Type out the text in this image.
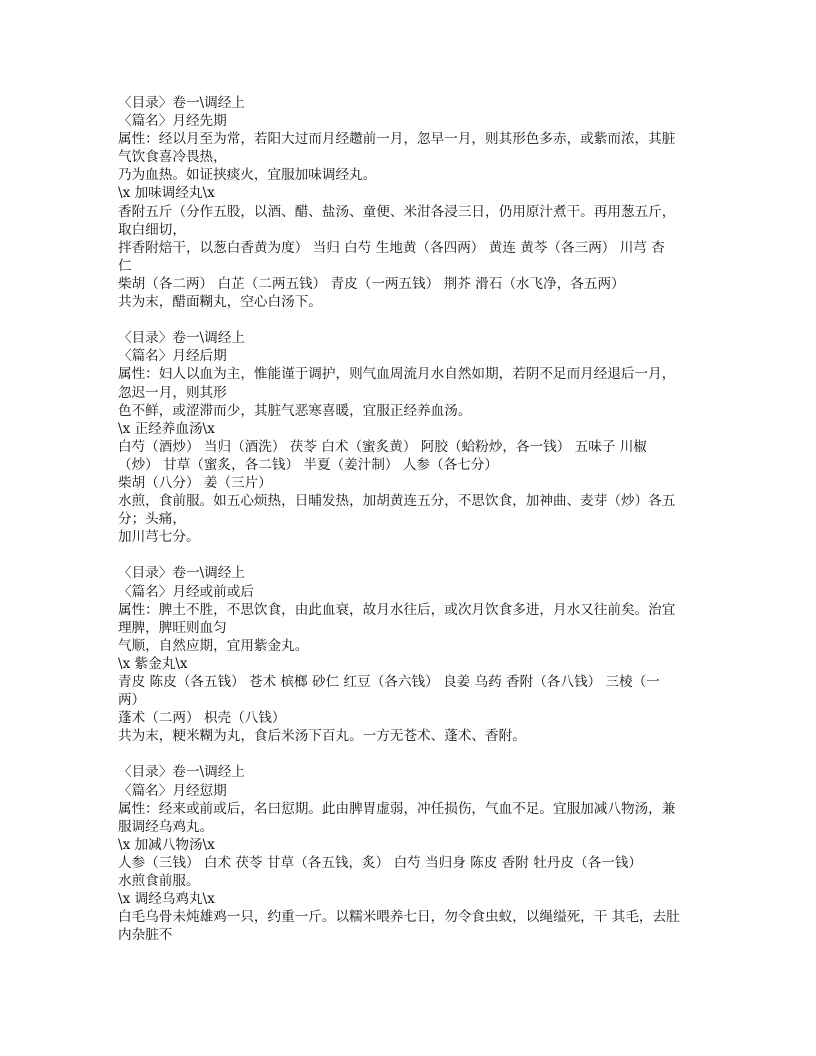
〈目录〉卷一\调经上
〈篇名〉月经先期
属性：经以月至为常，若阳大过而月经趱前一月，忽早一月，则其形色多赤，或紫而浓，其脏
气饮食喜冷畏热，
乃为血热。如证挟痰火，宜服加味调经丸。
\x 加味调经丸\x
香附五斤（分作五股，以酒、醋、盐汤、童便、米泔各浸三日，仍用原汁煮干。再用葱五斤，
取白细切，
拌香附焙干，以葱白香黄为度） 当归 白芍 生地黄（各四两） 黄连 黄芩（各三两） 川芎 杏
仁
柴胡（各二两） 白芷（二两五钱） 青皮（一两五钱） 荆芥 滑石（水飞净，各五两）
共为末，醋面糊丸，空心白汤下。
〈目录〉卷一\调经上
〈篇名〉月经后期
属性：妇人以血为主，惟能谨于调护，则气血周流月水自然如期，若阴不足而月经退后一月，
忽迟一月，则其形
色不鲜，或涩滞而少，其脏气恶寒喜暖，宜服正经养血汤。
\x 正经养血汤\x
白芍（酒炒） 当归（酒洗） 茯苓 白术（蜜炙黄） 阿胶（蛤粉炒，各一钱） 五味子 川椒
（炒） 甘草（蜜炙，各二钱） 半夏（姜汁制） 人参（各七分）
柴胡（八分） 姜（三片）
水煎，食前服。如五心烦热，日晡发热，加胡黄连五分，不思饮食，加神曲、麦芽（炒）各五
分；头痛，
加川芎七分。
〈目录〉卷一\调经上
〈篇名〉月经或前或后
属性：脾土不胜，不思饮食，由此血衰，故月水往后，或次月饮食多进，月水又往前矣。治宜
理脾，脾旺则血匀
气顺，自然应期，宜用紫金丸。
\x 紫金丸\x
青皮 陈皮（各五钱） 苍术 槟榔 砂仁 红豆（各六钱） 良姜 乌药 香附（各八钱） 三棱（一
两）
蓬术（二两） 枳壳（八钱）
共为末，粳米糊为丸，食后米汤下百丸。一方无苍术、蓬术、香附。
〈目录〉卷一\调经上
〈篇名〉月经愆期
属性：经来或前或后，名曰愆期。此由脾胃虚弱，冲任损伤，气血不足。宜服加减八物汤，兼
服调经乌鸡丸。
\x 加减八物汤\x
人参（三钱） 白术 茯苓 甘草（各五钱，炙） 白芍 当归身 陈皮 香附 牡丹皮（各一钱）
水煎食前服。
\x 调经乌鸡丸\x
白毛乌骨未炖雄鸡一只，约重一斤。以糯米喂养七日，勿令食虫蚁，以绳缢死，干 其毛，去肚
内杂脏不
